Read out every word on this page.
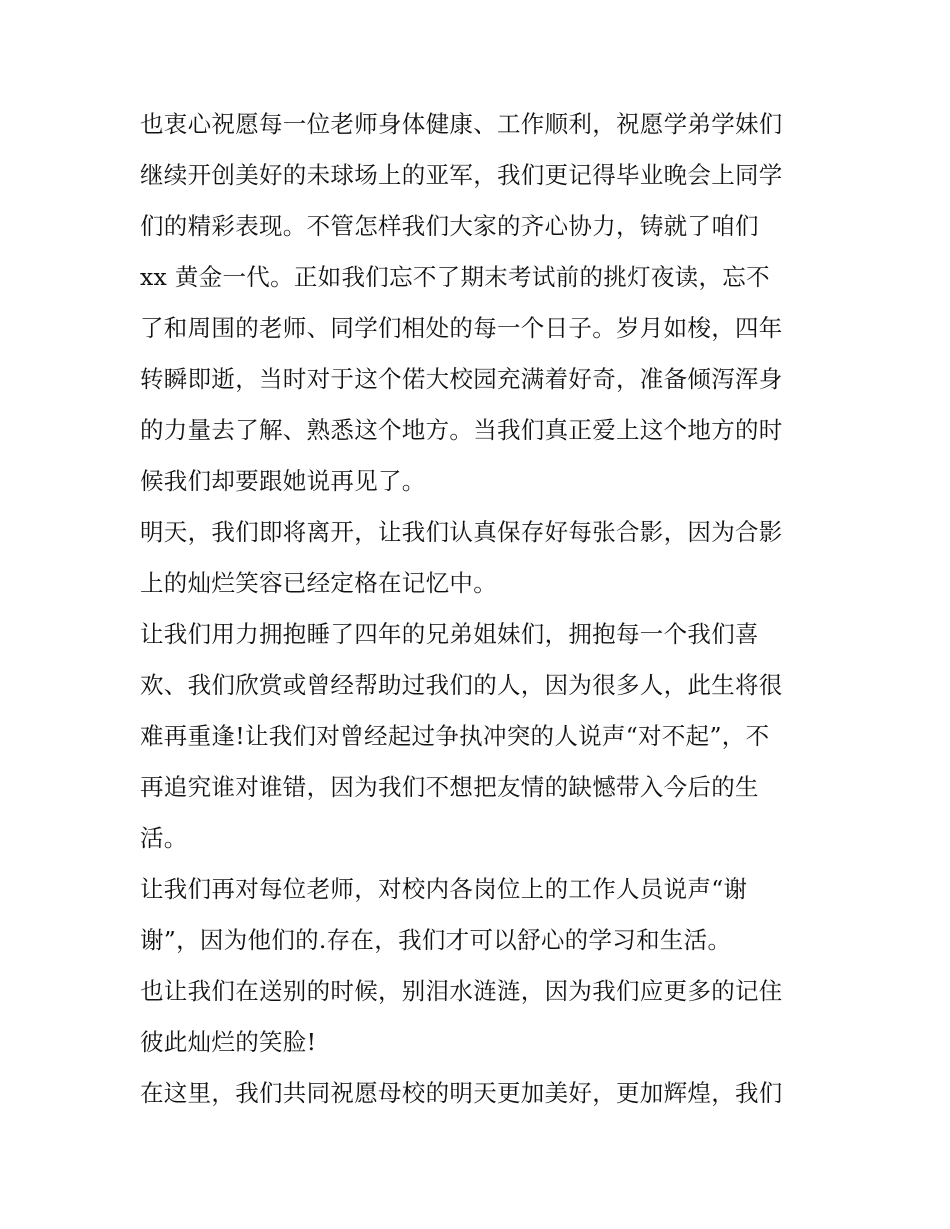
也衷心祝愿每一位老师身体健康、工作顺利，祝愿学弟学妹们
继续开创美好的未球场上的亚军，我们更记得毕业晚会上同学
们的精彩表现。不管怎样我们大家的齐心协力，铸就了咱们
xx 黄金一代。正如我们忘不了期末考试前的挑灯夜读，忘不
了和周围的老师、同学们相处的每一个日子。岁月如梭，四年
转瞬即逝，当时对于这个偌大校园充满着好奇，准备倾泻浑身
的力量去了解、熟悉这个地方。当我们真正爱上这个地方的时
候我们却要跟她说再见了。
明天，我们即将离开，让我们认真保存好每张合影，因为合影
上的灿烂笑容已经定格在记忆中。
让我们用力拥抱睡了四年的兄弟姐妹们，拥抱每一个我们喜
欢、我们欣赏或曾经帮助过我们的人，因为很多人，此生将很
难再重逢!让我们对曾经起过争执冲突的人说声“对不起”，不
再追究谁对谁错，因为我们不想把友情的缺憾带入今后的生
活。
让我们再对每位老师，对校内各岗位上的工作人员说声“谢
谢”，因为他们的.存在，我们才可以舒心的学习和生活。
也让我们在送别的时候，别泪水涟涟，因为我们应更多的记住
彼此灿烂的笑脸!
在这里，我们共同祝愿母校的明天更加美好，更加辉煌，我们
